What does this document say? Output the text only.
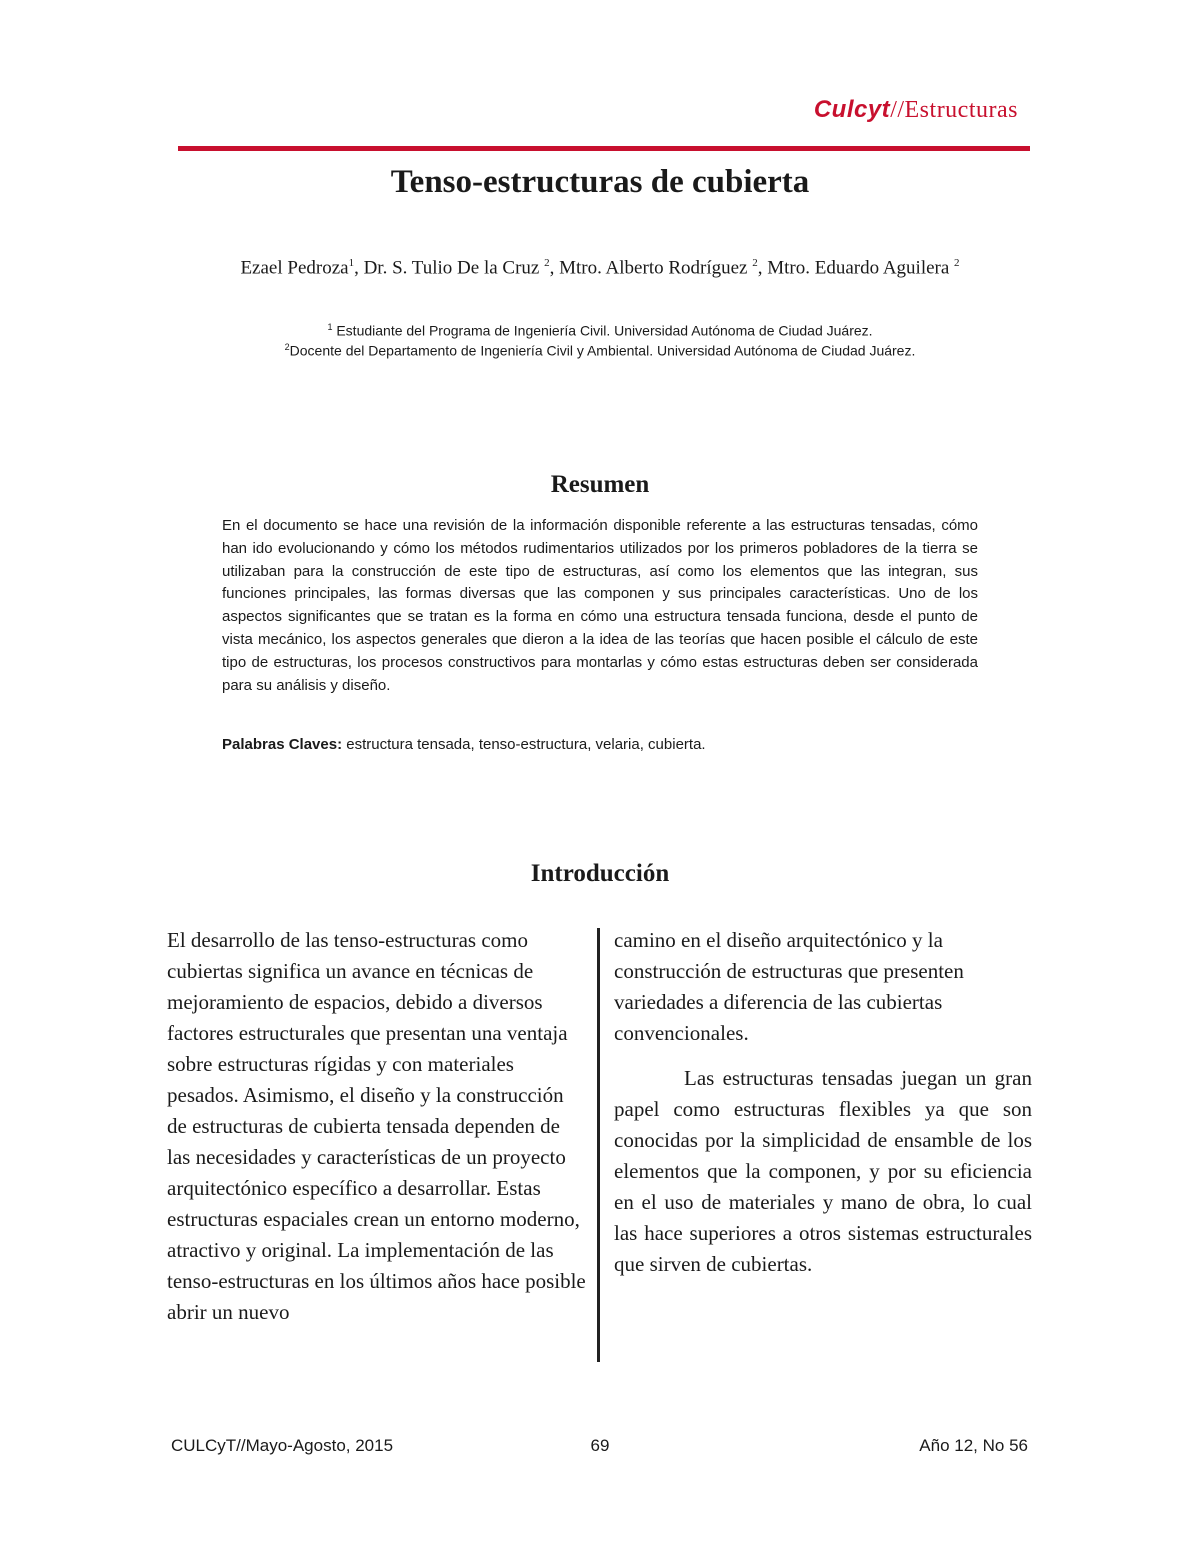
Culcyt//Estructuras
Tenso-estructuras de cubierta
Ezael Pedroza$^1$, Dr. S. Tulio De la Cruz $^2$, Mtro. Alberto Rodríguez $^2$, Mtro. Eduardo Aguilera $^2$
$^1$ Estudiante del Programa de Ingeniería Civil. Universidad Autónoma de Ciudad Juárez.
$^2$Docente del Departamento de Ingeniería Civil y Ambiental. Universidad Autónoma de Ciudad Juárez.
Resumen

En el documento se hace una revisión de la información disponible referente a las estructuras tensadas, cómo han ido evolucionando y cómo los métodos rudimentarios utilizados por los primeros pobladores de la tierra se utilizaban para la construcción de este tipo de estructuras, así como los elementos que las integran, sus funciones principales, las formas diversas que las componen y sus principales características. Uno de los aspectos significantes que se tratan es la forma en cómo una estructura tensada funciona, desde el punto de vista mecánico, los aspectos generales que dieron a la idea de las teorías que hacen posible el cálculo de este tipo de estructuras, los procesos constructivos para montarlas y cómo estas estructuras deben ser considerada para su análisis y diseño.

Palabras Claves: estructura tensada, tenso-estructura, velaria, cubierta.

Introducción

El desarrollo de las tenso-estructuras como cubiertas significa un avance en técnicas de mejoramiento de espacios, debido a diversos factores estructurales que presentan una ventaja sobre estructuras rígidas y con materiales pesados. Asimismo, el diseño y la construcción de estructuras de cubierta tensada dependen de las necesidades y características de un proyecto arquitectónico específico a desarrollar. Estas estructuras espaciales crean un entorno moderno, atractivo y original. La implementación de las tenso-estructuras en los últimos años hace posible abrir un nuevo

camino en el diseño arquitectónico y la construcción de estructuras que presenten variedades a diferencia de las cubiertas convencionales.

Las estructuras tensadas juegan un gran papel como estructuras flexibles ya que son conocidas por la simplicidad de ensamble de los elementos que la componen, y por su eficiencia en el uso de materiales y mano de obra, lo cual las hace superiores a otros sistemas estructurales que sirven de cubiertas.

CULCyT//Mayo-Agosto, 2015	69	Año 12, No 56
